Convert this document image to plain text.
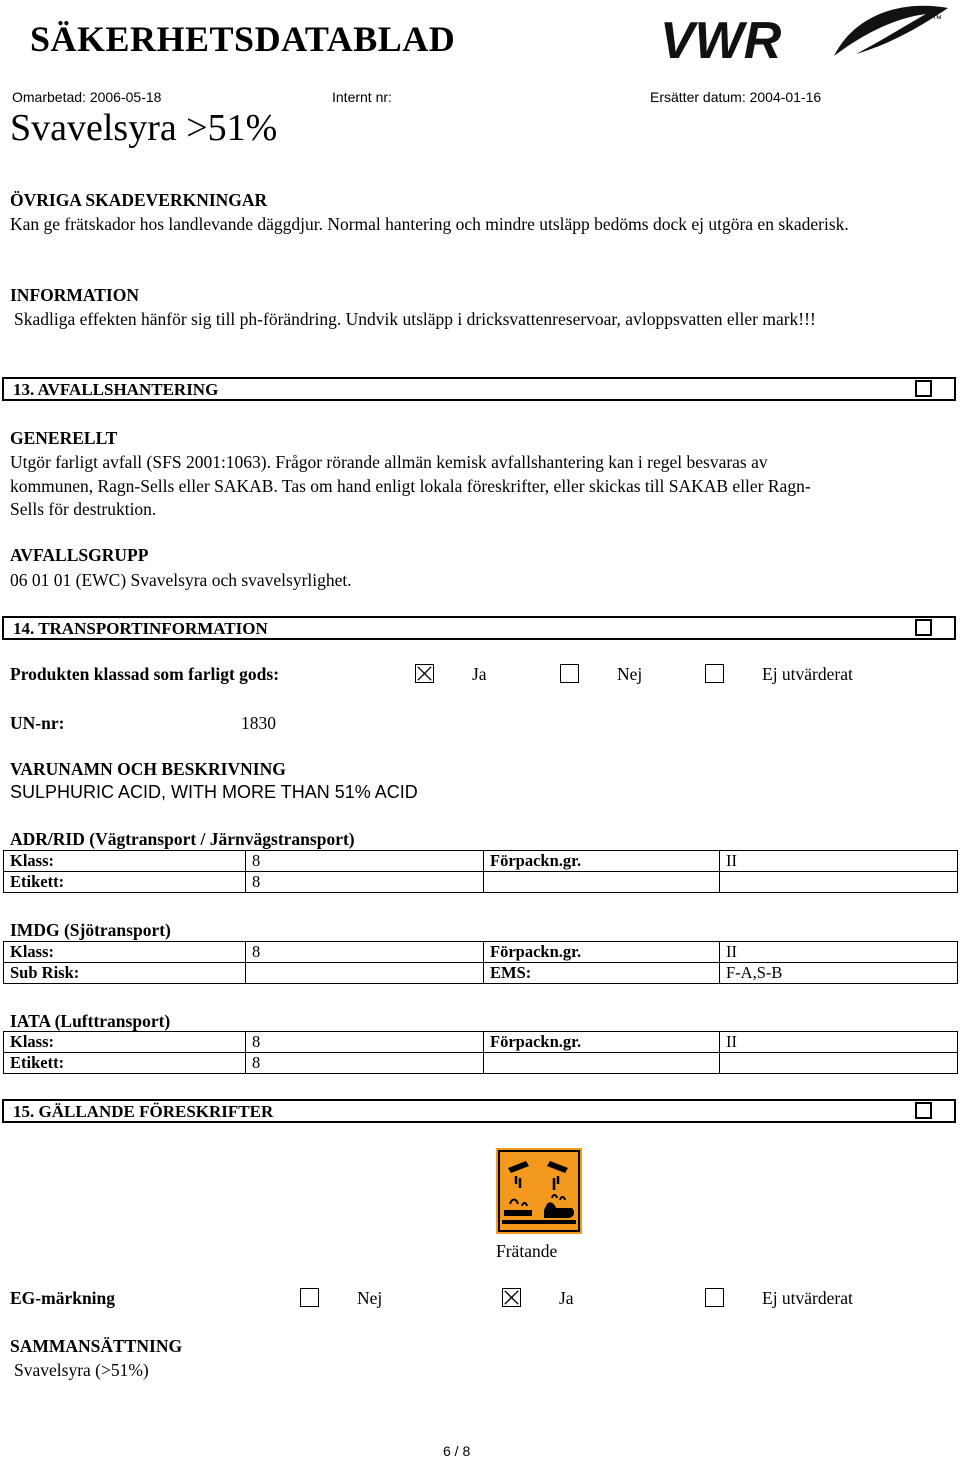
SÄKERHETSDATABLAD	VWR	™
Omarbetad: 2006-05-18	Internt nr:	Ersätter datum: 2004-01-16
Svavelsyra >51%
ÖVRIGA SKADEVERKNINGAR
Kan ge frätskador hos landlevande däggdjur. Normal hantering och mindre utsläpp bedöms dock ej utgöra en skaderisk.
INFORMATION
Skadliga effekten hänför sig till ph-förändring. Undvik utsläpp i dricksvattenreservoar, avloppsvatten eller mark!!!
13. AVFALLSHANTERING
GENERELLT
Utgör farligt avfall (SFS 2001:1063). Frågor rörande allmän kemisk avfallshantering kan i regel besvaras av
kommunen, Ragn-Sells eller SAKAB. Tas om hand enligt lokala föreskrifter, eller skickas till SAKAB eller Ragn-
Sells för destruktion.
AVFALLSGRUPP
06 01 01 (EWC) Svavelsyra och svavelsyrlighet.
14. TRANSPORTINFORMATION
Produkten klassad som farligt gods:	Ja	Nej	Ej utvärderat
UN-nr:	1830
VARUNAMN OCH BESKRIVNING
SULPHURIC ACID, WITH MORE THAN 51% ACID
ADR/RID (Vägtransport / Järnvägstransport)
Klass:	8	Förpackn.gr.	II
Etikett:	8		
IMDG (Sjötransport)
Klass:	8	Förpackn.gr.	II
Sub Risk:		EMS:	F-A,S-B
IATA (Lufttransport)
Klass:	8	Förpackn.gr.	II
Etikett:	8		
15. GÄLLANDE FÖRESKRIFTER
Frätande
EG-märkning	Nej	Ja	Ej utvärderat
SAMMANSÄTTNING
Svavelsyra (>51%)
6 / 8
